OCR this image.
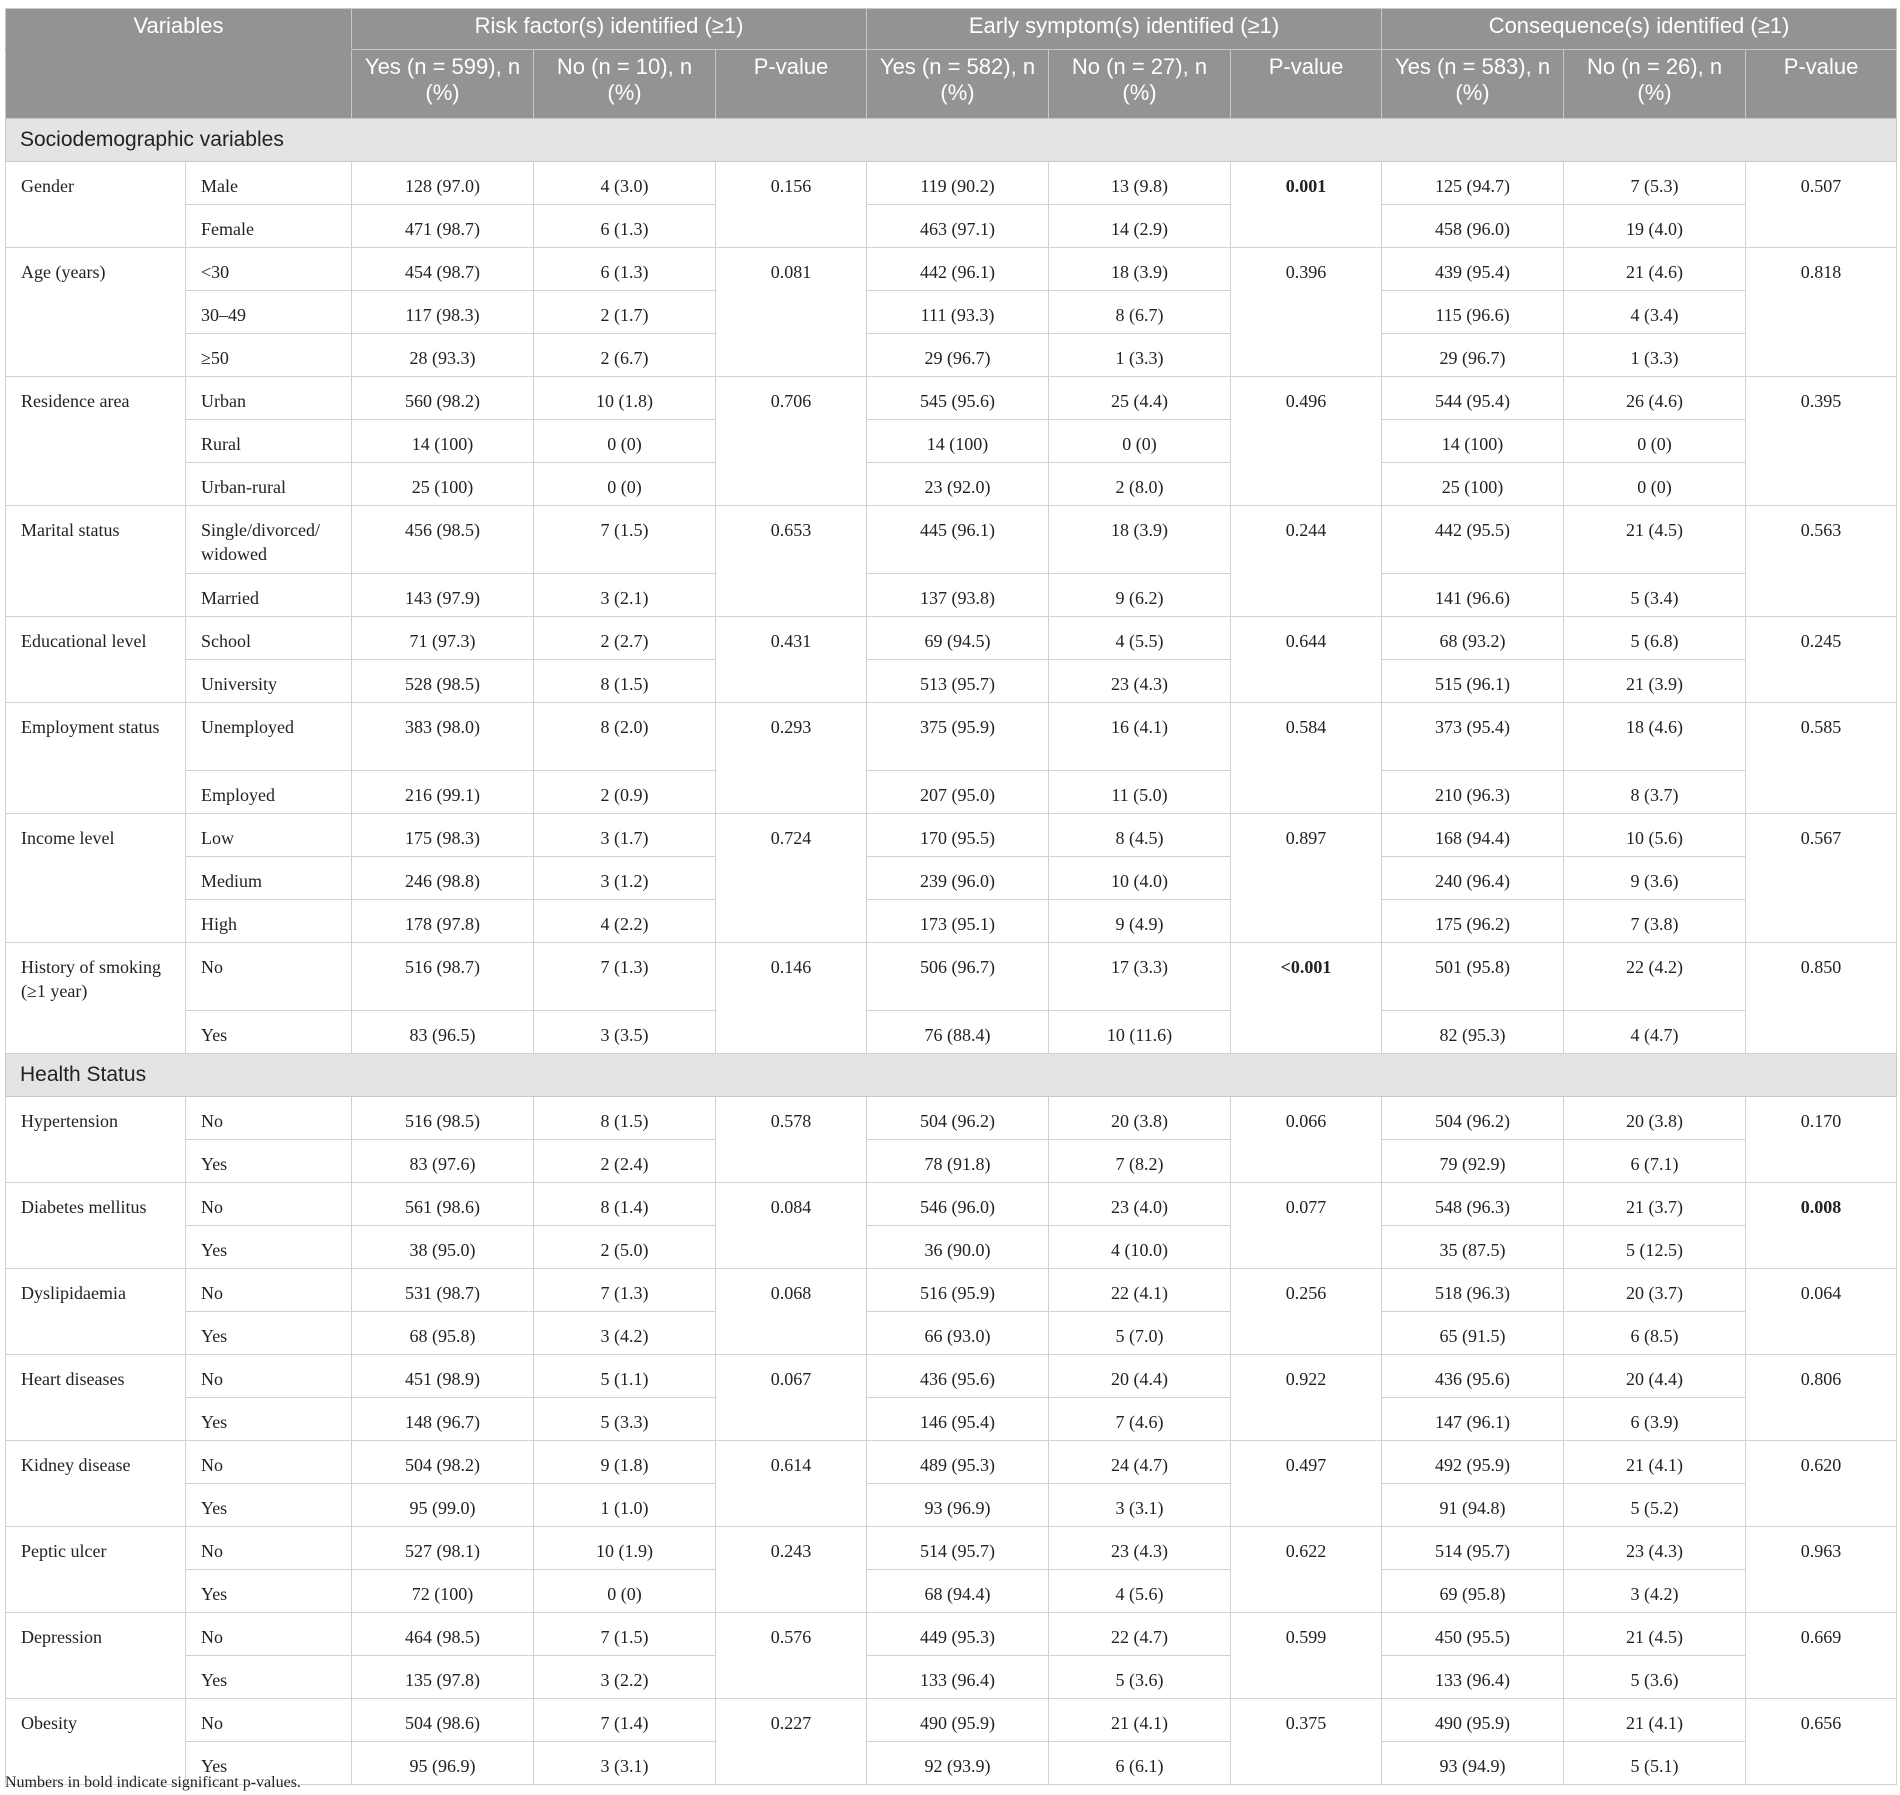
Variables		Risk factor(s) identified (≥1)			Early symptom(s) identified (≥1)			Consequence(s) identified (≥1)		
		Yes (n = 599), n (%)	No (n = 10), n (%)	P-value	Yes (n = 582), n (%)	No (n = 27), n (%)	P-value	Yes (n = 583), n (%)	No (n = 26), n (%)	P-value
Sociodemographic variables										
Gender	Male	128 (97.0)	4 (3.0)	0.156	119 (90.2)	13 (9.8)	0.001	125 (94.7)	7 (5.3)	0.507
	Female	471 (98.7)	6 (1.3)		463 (97.1)	14 (2.9)		458 (96.0)	19 (4.0)	
Age (years)	<30	454 (98.7)	6 (1.3)	0.081	442 (96.1)	18 (3.9)	0.396	439 (95.4)	21 (4.6)	0.818
	30–49	117 (98.3)	2 (1.7)		111 (93.3)	8 (6.7)		115 (96.6)	4 (3.4)	
	≥50	28 (93.3)	2 (6.7)		29 (96.7)	1 (3.3)		29 (96.7)	1 (3.3)	
Residence area	Urban	560 (98.2)	10 (1.8)	0.706	545 (95.6)	25 (4.4)	0.496	544 (95.4)	26 (4.6)	0.395
	Rural	14 (100)	0 (0)		14 (100)	0 (0)		14 (100)	0 (0)	
	Urban-rural	25 (100)	0 (0)		23 (92.0)	2 (8.0)		25 (100)	0 (0)	
Marital status	Single/divorced/ widowed	456 (98.5)	7 (1.5)	0.653	445 (96.1)	18 (3.9)	0.244	442 (95.5)	21 (4.5)	0.563
	Married	143 (97.9)	3 (2.1)		137 (93.8)	9 (6.2)		141 (96.6)	5 (3.4)	
Educational level	School	71 (97.3)	2 (2.7)	0.431	69 (94.5)	4 (5.5)	0.644	68 (93.2)	5 (6.8)	0.245
	University	528 (98.5)	8 (1.5)		513 (95.7)	23 (4.3)		515 (96.1)	21 (3.9)	
Employment status	Unemployed	383 (98.0)	8 (2.0)	0.293	375 (95.9)	16 (4.1)	0.584	373 (95.4)	18 (4.6)	0.585
	Employed	216 (99.1)	2 (0.9)		207 (95.0)	11 (5.0)		210 (96.3)	8 (3.7)	
Income level	Low	175 (98.3)	3 (1.7)	0.724	170 (95.5)	8 (4.5)	0.897	168 (94.4)	10 (5.6)	0.567
	Medium	246 (98.8)	3 (1.2)		239 (96.0)	10 (4.0)		240 (96.4)	9 (3.6)	
	High	178 (97.8)	4 (2.2)		173 (95.1)	9 (4.9)		175 (96.2)	7 (3.8)	
History of smoking (≥1 year)	No	516 (98.7)	7 (1.3)	0.146	506 (96.7)	17 (3.3)	<0.001	501 (95.8)	22 (4.2)	0.850
	Yes	83 (96.5)	3 (3.5)		76 (88.4)	10 (11.6)		82 (95.3)	4 (4.7)	
Health Status										
Hypertension	No	516 (98.5)	8 (1.5)	0.578	504 (96.2)	20 (3.8)	0.066	504 (96.2)	20 (3.8)	0.170
	Yes	83 (97.6)	2 (2.4)		78 (91.8)	7 (8.2)		79 (92.9)	6 (7.1)	
Diabetes mellitus	No	561 (98.6)	8 (1.4)	0.084	546 (96.0)	23 (4.0)	0.077	548 (96.3)	21 (3.7)	0.008
	Yes	38 (95.0)	2 (5.0)		36 (90.0)	4 (10.0)		35 (87.5)	5 (12.5)	
Dyslipidaemia	No	531 (98.7)	7 (1.3)	0.068	516 (95.9)	22 (4.1)	0.256	518 (96.3)	20 (3.7)	0.064
	Yes	68 (95.8)	3 (4.2)		66 (93.0)	5 (7.0)		65 (91.5)	6 (8.5)	
Heart diseases	No	451 (98.9)	5 (1.1)	0.067	436 (95.6)	20 (4.4)	0.922	436 (95.6)	20 (4.4)	0.806
	Yes	148 (96.7)	5 (3.3)		146 (95.4)	7 (4.6)		147 (96.1)	6 (3.9)	
Kidney disease	No	504 (98.2)	9 (1.8)	0.614	489 (95.3)	24 (4.7)	0.497	492 (95.9)	21 (4.1)	0.620
	Yes	95 (99.0)	1 (1.0)		93 (96.9)	3 (3.1)		91 (94.8)	5 (5.2)	
Peptic ulcer	No	527 (98.1)	10 (1.9)	0.243	514 (95.7)	23 (4.3)	0.622	514 (95.7)	23 (4.3)	0.963
	Yes	72 (100)	0 (0)		68 (94.4)	4 (5.6)		69 (95.8)	3 (4.2)	
Depression	No	464 (98.5)	7 (1.5)	0.576	449 (95.3)	22 (4.7)	0.599	450 (95.5)	21 (4.5)	0.669
	Yes	135 (97.8)	3 (2.2)		133 (96.4)	5 (3.6)		133 (96.4)	5 (3.6)	
Obesity	No	504 (98.6)	7 (1.4)	0.227	490 (95.9)	21 (4.1)	0.375	490 (95.9)	21 (4.1)	0.656
	Yes	95 (96.9)	3 (3.1)		92 (93.9)	6 (6.1)		93 (94.9)	5 (5.1)	

Numbers in bold indicate significant p-values.
